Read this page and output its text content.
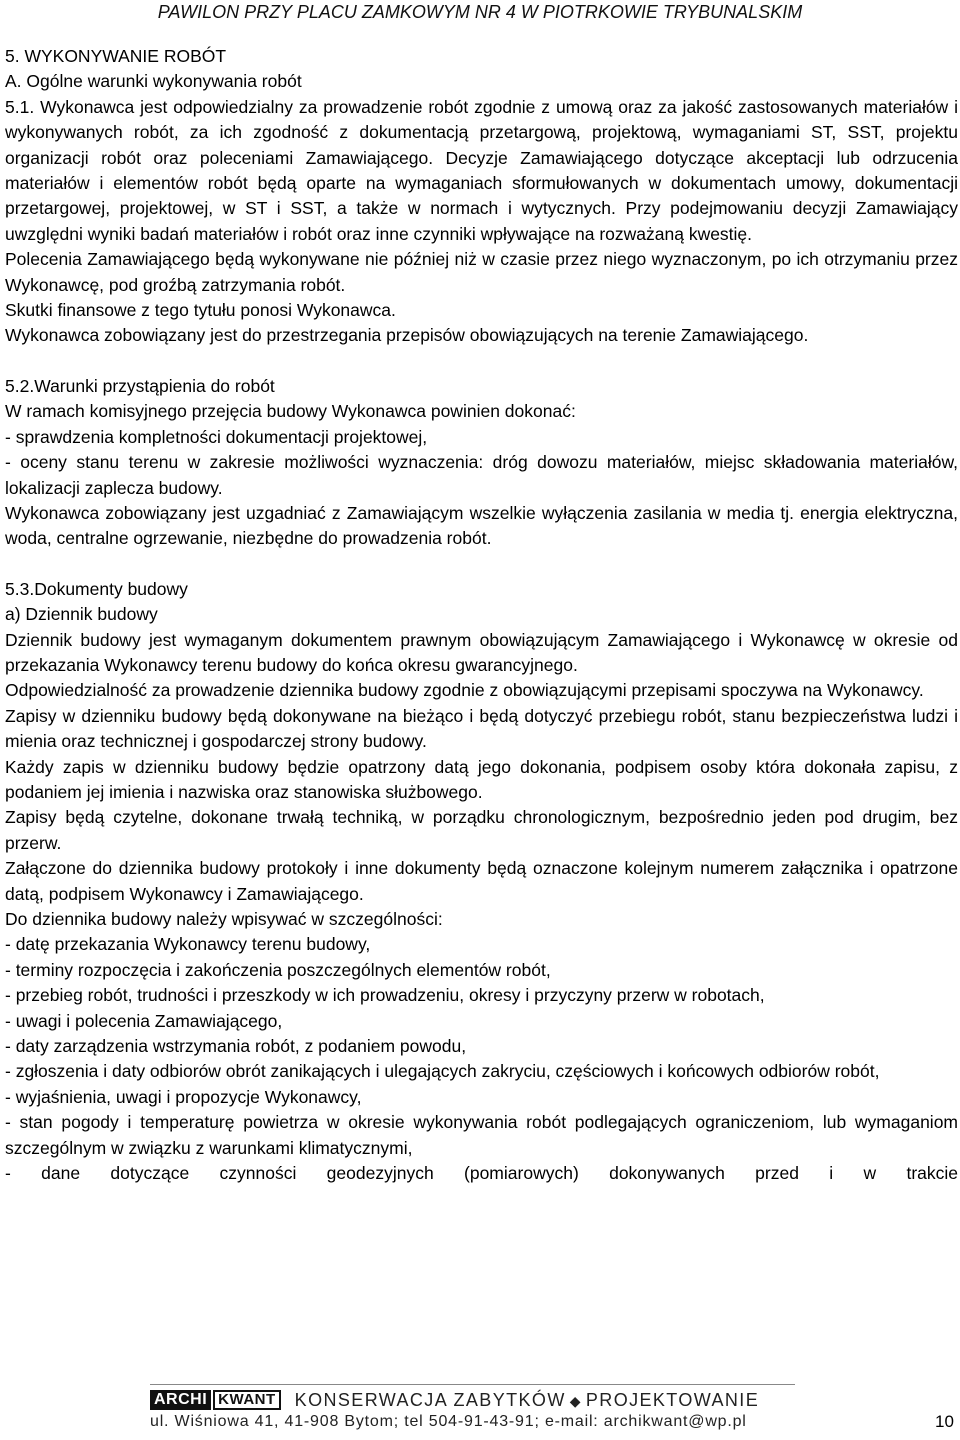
PAWILON PRZY PLACU ZAMKOWYM NR 4 W PIOTRKOWIE TRYBUNALSKIM

5. WYKONYWANIE ROBÓT

A. Ogólne warunki wykonywania robót

5.1. Wykonawca jest odpowiedzialny za prowadzenie robót zgodnie z umową oraz za jakość zastosowanych materiałów i wykonywanych robót, za ich zgodność z dokumentacją przetargową, projektową, wymaganiami ST, SST, projektu organizacji robót oraz poleceniami Zamawiającego. Decyzje Zamawiającego dotyczące akceptacji lub odrzucenia materiałów i elementów robót będą oparte na wymaganiach sformułowanych w dokumentach umowy, dokumentacji przetargowej, projektowej, w ST i SST, a także w normach i wytycznych. Przy podejmowaniu decyzji Zamawiający uwzględni wyniki badań materiałów i robót oraz inne czynniki wpływające na rozważaną kwestię.

Polecenia Zamawiającego będą wykonywane nie później niż w czasie przez niego wyznaczonym, po ich otrzymaniu przez Wykonawcę, pod groźbą zatrzymania robót.

Skutki finansowe z tego tytułu ponosi Wykonawca.

Wykonawca zobowiązany jest do przestrzegania przepisów obowiązujących na terenie Zamawiającego.

5.2.Warunki przystąpienia do robót

W ramach komisyjnego przejęcia budowy Wykonawca powinien dokonać:

- sprawdzenia kompletności dokumentacji projektowej,

- oceny stanu terenu w zakresie możliwości wyznaczenia: dróg dowozu materiałów, miejsc składowania materiałów, lokalizacji zaplecza budowy.

Wykonawca zobowiązany jest uzgadniać z Zamawiającym wszelkie wyłączenia zasilania w media tj. energia elektryczna, woda, centralne ogrzewanie, niezbędne do prowadzenia robót.

5.3.Dokumenty budowy

a) Dziennik budowy

Dziennik budowy jest wymaganym dokumentem prawnym obowiązującym Zamawiającego i Wykonawcę w okresie od przekazania Wykonawcy terenu budowy do końca okresu gwarancyjnego.

Odpowiedzialność za prowadzenie dziennika budowy zgodnie z obowiązującymi przepisami spoczywa na Wykonawcy.

Zapisy w dzienniku budowy będą dokonywane na bieżąco i będą dotyczyć przebiegu robót, stanu bezpieczeństwa ludzi i mienia oraz technicznej i gospodarczej strony budowy.

Każdy zapis w dzienniku budowy będzie opatrzony datą jego dokonania, podpisem osoby która dokonała zapisu, z podaniem jej imienia i nazwiska oraz stanowiska służbowego.

Zapisy będą czytelne, dokonane trwałą techniką, w porządku chronologicznym, bezpośrednio jeden pod drugim, bez przerw.

Załączone do dziennika budowy protokoły i inne dokumenty będą oznaczone kolejnym numerem załącznika i opatrzone datą, podpisem Wykonawcy i Zamawiającego.

Do dziennika budowy należy wpisywać w szczególności:

- datę przekazania Wykonawcy terenu budowy,

- terminy rozpoczęcia i zakończenia poszczególnych elementów robót,

- przebieg robót, trudności i przeszkody w ich prowadzeniu, okresy i przyczyny przerw w robotach,

- uwagi i polecenia Zamawiającego,

- daty zarządzenia wstrzymania robót, z podaniem powodu,

- zgłoszenia i daty odbiorów obrót zanikających i ulegających zakryciu, częściowych i końcowych odbiorów robót,

- wyjaśnienia, uwagi i propozycje Wykonawcy,

- stan pogody i temperaturę powietrza w okresie wykonywania robót podlegających ograniczeniom, lub wymaganiom szczególnym w związku z warunkami klimatycznymi,

- dane dotyczące czynności geodezyjnych (pomiarowych) dokonywanych przed i w trakcie

ARCHI KWANT KONSERWACJA ZABYTKÓW ◆ PROJEKTOWANIE
ul. Wiśniowa 41, 41-908 Bytom; tel 504-91-43-91; e-mail: archikwant@wp.pl	10
